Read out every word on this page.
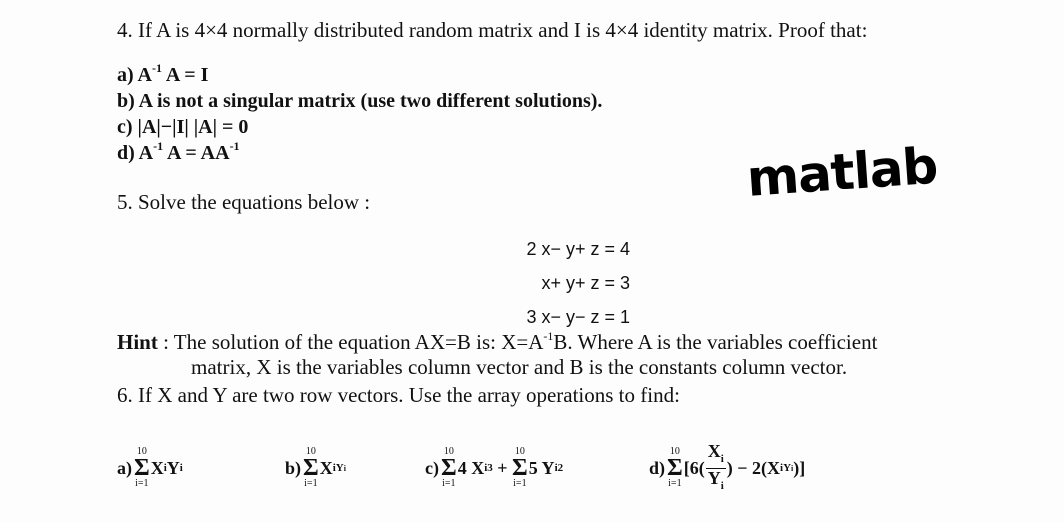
4. If A is 4×4 normally distributed random matrix and I is 4×4 identity matrix. Proof that:
a) $A^{-1}$ A = I
b) A is not a singular matrix (use two different solutions).
c) |A|−|I| |A| = 0
d) $A^{-1}$ $A = AA^{-1}$	matlab
5. Solve the equations below :
2 x− y+ z = 4
x+ y+ z = 3
3 x− y− z = 1
Hint : The solution of the equation AX=B is: $X=A^{-1}B$. Where A is the variables coefficient
matrix, X is the variables column vector and B is the constants column vector.
6. If X and Y are two row vectors. Use the array operations to find:
a)
10
Σ
i=1
X i Y i	b)
10
Σ
i=1
X i Yi	c)
10
Σ
i=1
4 X i 3 +
10
Σ
i=1
5 Y i 2	d)
10
Σ
i=1
[$6( \frac{X_i}{Y_i}$ ) − 2(X i Yi )]
